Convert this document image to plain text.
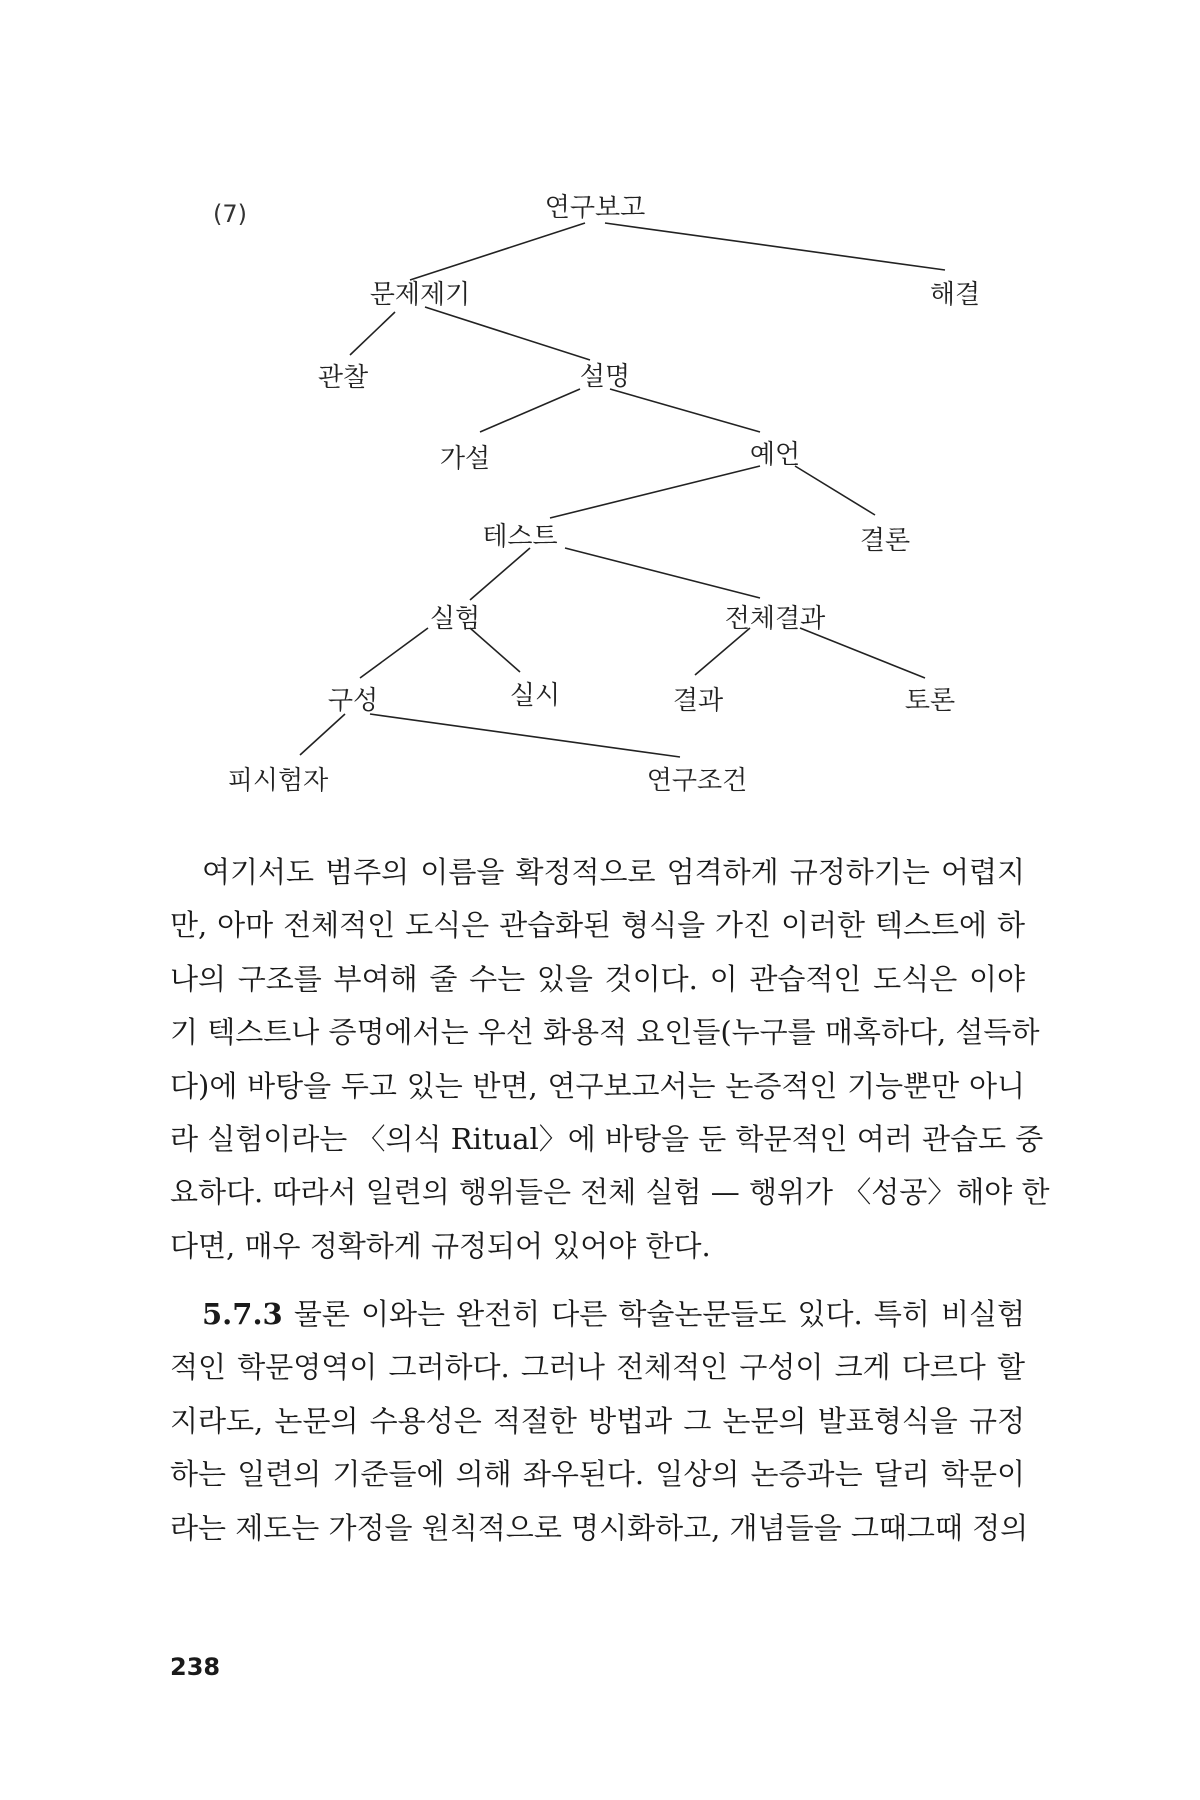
(7)	연구보고
문제제기	해결
관찰	설명
가설	예언
테스트	결론
실험	전체결과
구성	실시	결과	토론
피시험자	연구조건
여기서도 범주의 이름을 확정적으로 엄격하게 규정하기는 어렵지
만, 아마 전체적인 도식은 관습화된 형식을 가진 이러한 텍스트에 하
나의 구조를 부여해 줄 수는 있을 것이다. 이 관습적인 도식은 이야
기 텍스트나 증명에서는 우선 화용적 요인들(누구를 매혹하다, 설득하
다)에 바탕을 두고 있는 반면, 연구보고서는 논증적인 기능뿐만 아니
라 실험이라는 〈의식 Ritual〉에 바탕을 둔 학문적인 여러 관습도 중
요하다. 따라서 일련의 행위들은 전체 실험 — 행위가 〈성공〉해야 한
다면, 매우 정확하게 규정되어 있어야 한다.
5.7.3 물론 이와는 완전히 다른 학술논문들도 있다. 특히 비실험
적인 학문영역이 그러하다. 그러나 전체적인 구성이 크게 다르다 할
지라도, 논문의 수용성은 적절한 방법과 그 논문의 발표형식을 규정
하는 일련의 기준들에 의해 좌우된다. 일상의 논증과는 달리 학문이
라는 제도는 가정을 원칙적으로 명시화하고, 개념들을 그때그때 정의
238
